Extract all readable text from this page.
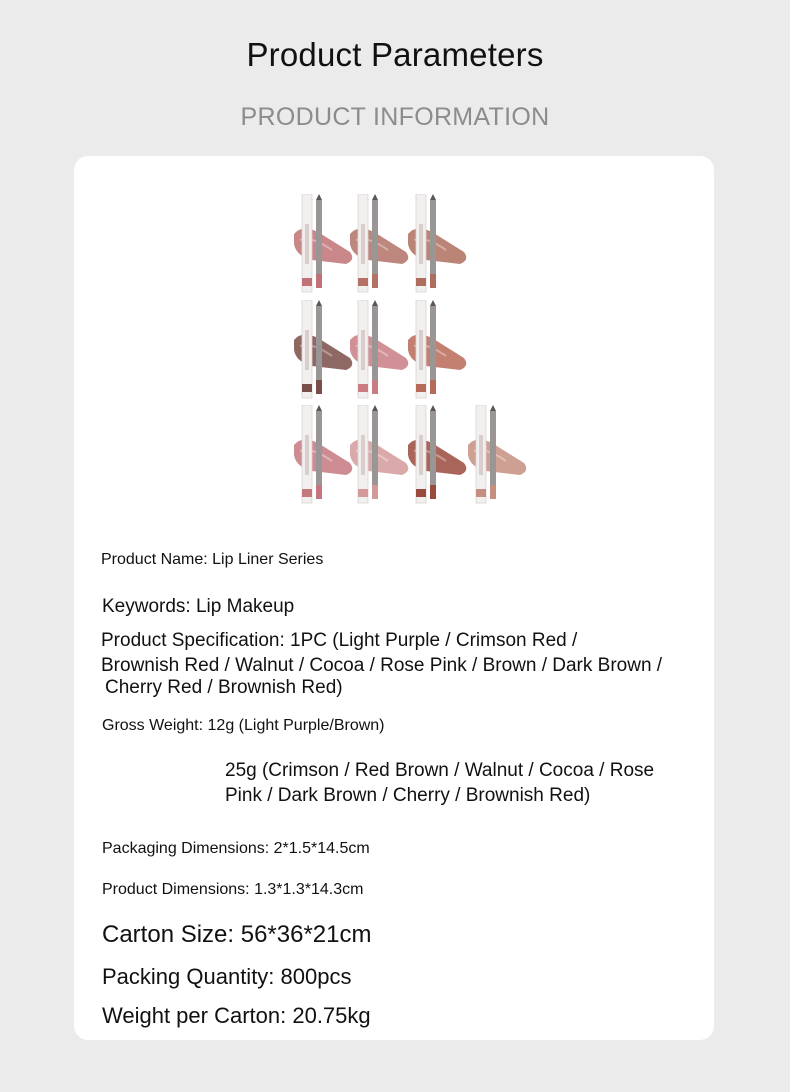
Product Parameters
PRODUCT INFORMATION
Product Name: Lip Liner Series
Keywords: Lip Makeup
Product Specification: 1PC (Light Purple / Crimson Red /
Brownish Red / Walnut / Cocoa / Rose Pink / Brown / Dark Brown /
Cherry Red / Brownish Red)
Gross Weight: 12g (Light Purple/Brown)
25g (Crimson / Red Brown / Walnut / Cocoa / Rose
Pink / Dark Brown / Cherry / Brownish Red)
Packaging Dimensions: 2*1.5*14.5cm
Product Dimensions: 1.3*1.3*14.3cm
Carton Size: 56*36*21cm
Packing Quantity: 800pcs
Weight per Carton: 20.75kg
